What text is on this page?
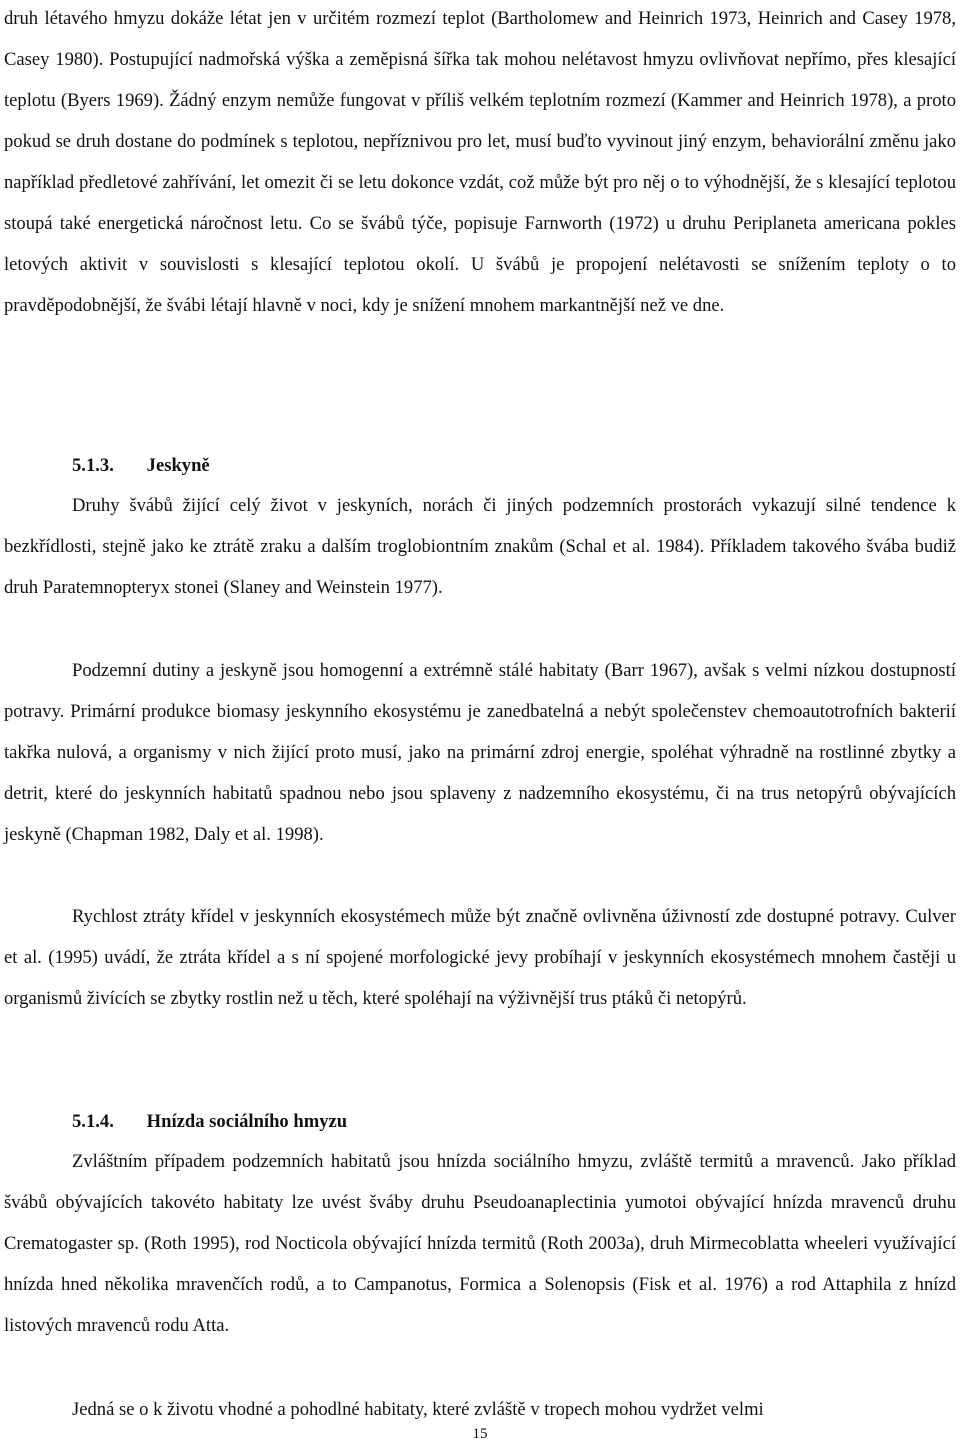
druh létavého hmyzu dokáže létat jen v určitém rozmezí teplot (Bartholomew and Heinrich 1973, Heinrich and Casey 1978, Casey 1980). Postupující nadmořská výška a zeměpisná šířka tak mohou nelétavost hmyzu ovlivňovat nepřímo, přes klesající teplotu (Byers 1969). Žádný enzym nemůže fungovat v příliš velkém teplotním rozmezí (Kammer and Heinrich 1978), a proto pokud se druh dostane do podmínek s teplotou, nepříznivou pro let, musí buďto vyvinout jiný enzym, behaviorální změnu jako například předletové zahřívání, let omezit či se letu dokonce vzdát, což může být pro něj o to výhodnější, že s klesající teplotou stoupá také energetická náročnost letu. Co se švábů týče, popisuje Farnworth (1972) u druhu Periplaneta americana pokles letových aktivit v souvislosti s klesající teplotou okolí. U švábů je propojení nelétavosti se snížením teploty o to pravděpodobnější, že švábi létají hlavně v noci, kdy je snížení mnohem markantnější než ve dne.

5.1.3. Jeskyně

Druhy švábů žijící celý život v jeskyních, norách či jiných podzemních prostorách vykazují silné tendence k bezkřídlosti, stejně jako ke ztrátě zraku a dalším troglobiontním znakům (Schal et al. 1984). Příkladem takového švába budiž druh Paratemnopteryx stonei (Slaney and Weinstein 1977).

Podzemní dutiny a jeskyně jsou homogenní a extrémně stálé habitaty (Barr 1967), avšak s velmi nízkou dostupností potravy. Primární produkce biomasy jeskynního ekosystému je zanedbatelná a nebýt společenstev chemoautotrofních bakterií takřka nulová, a organismy v nich žijící proto musí, jako na primární zdroj energie, spoléhat výhradně na rostlinné zbytky a detrit, které do jeskynních habitatů spadnou nebo jsou splaveny z nadzemního ekosystému, či na trus netopýrů obývajících jeskyně (Chapman 1982, Daly et al. 1998).

Rychlost ztráty křídel v jeskynních ekosystémech může být značně ovlivněna úživností zde dostupné potravy. Culver et al. (1995) uvádí, že ztráta křídel a s ní spojené morfologické jevy probíhají v jeskynních ekosystémech mnohem častěji u organismů živících se zbytky rostlin než u těch, které spoléhají na výživnější trus ptáků či netopýrů.

5.1.4. Hnízda sociálního hmyzu

Zvláštním případem podzemních habitatů jsou hnízda sociálního hmyzu, zvláště termitů a mravenců. Jako příklad švábů obývajících takovéto habitaty lze uvést šváby druhu Pseudoanaplectinia yumotoi obývající hnízda mravenců druhu Crematogaster sp. (Roth 1995), rod Nocticola obývající hnízda termitů (Roth 2003a), druh Mirmecoblatta wheeleri využívající hnízda hned několika mravenčích rodů, a to Campanotus, Formica a Solenopsis (Fisk et al. 1976) a rod Attaphila z hnízd listových mravenců rodu Atta.

Jedná se o k životu vhodné a pohodlné habitaty, které zvláště v tropech mohou vydržet velmi

15
